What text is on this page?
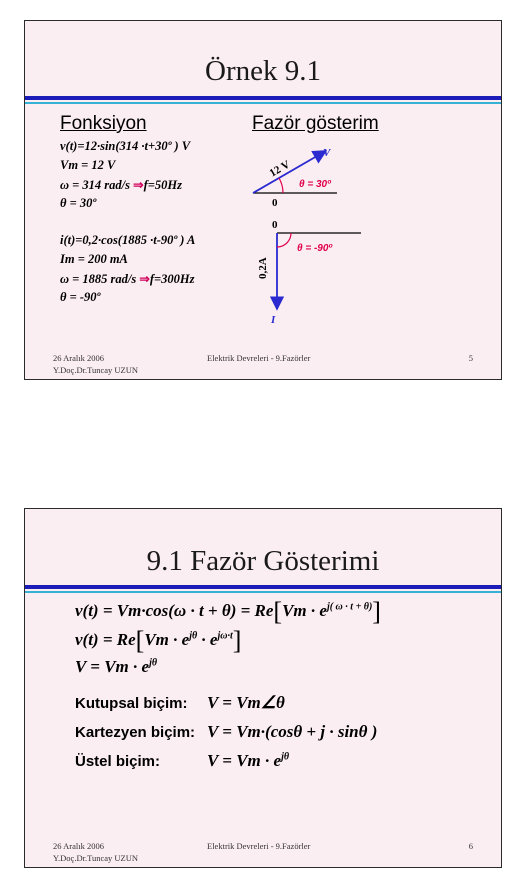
Örnek 9.1
Fonksiyon	Fazör gösterim
v(t)=12·sin(314 ·t+30º ) V
Vm = 12 V
ω = 314 rad/s ⇒f=50Hz
θ = 30º
i(t)=0,2·cos(1885 ·t-90º ) A
Im = 200 mA
ω = 1885 rad/s ⇒f=300Hz
θ = -90º
12 V
V
θ = 30º
0
0
0,2A
I
θ = -90º
26 Aralık 2006
Y.Doç.Dr.Tuncay UZUN
Elektrik Devreleri - 9.Fazörler	5
9.1 Fazör Gösterimi
$v(t) = Vm\cdot\cos(\omega \cdot t + \theta) = Re[Vm \cdot e^{j( \omega \cdot t + \theta)}]$
$v(t) = Re[Vm \cdot e^{j\theta} \cdot e^{j\omega\cdot t}]$
$V = Vm \cdot e^{j\theta}$
Kutupsal biçim: V = Vm∠θ
Kartezyen biçim: V = Vm·(cosθ + j · sinθ )
Üstel biçim:	$V = Vm \cdot e^{j\theta}$
26 Aralık 2006
Y.Doç.Dr.Tuncay UZUN
Elektrik Devreleri - 9.Fazörler	6
